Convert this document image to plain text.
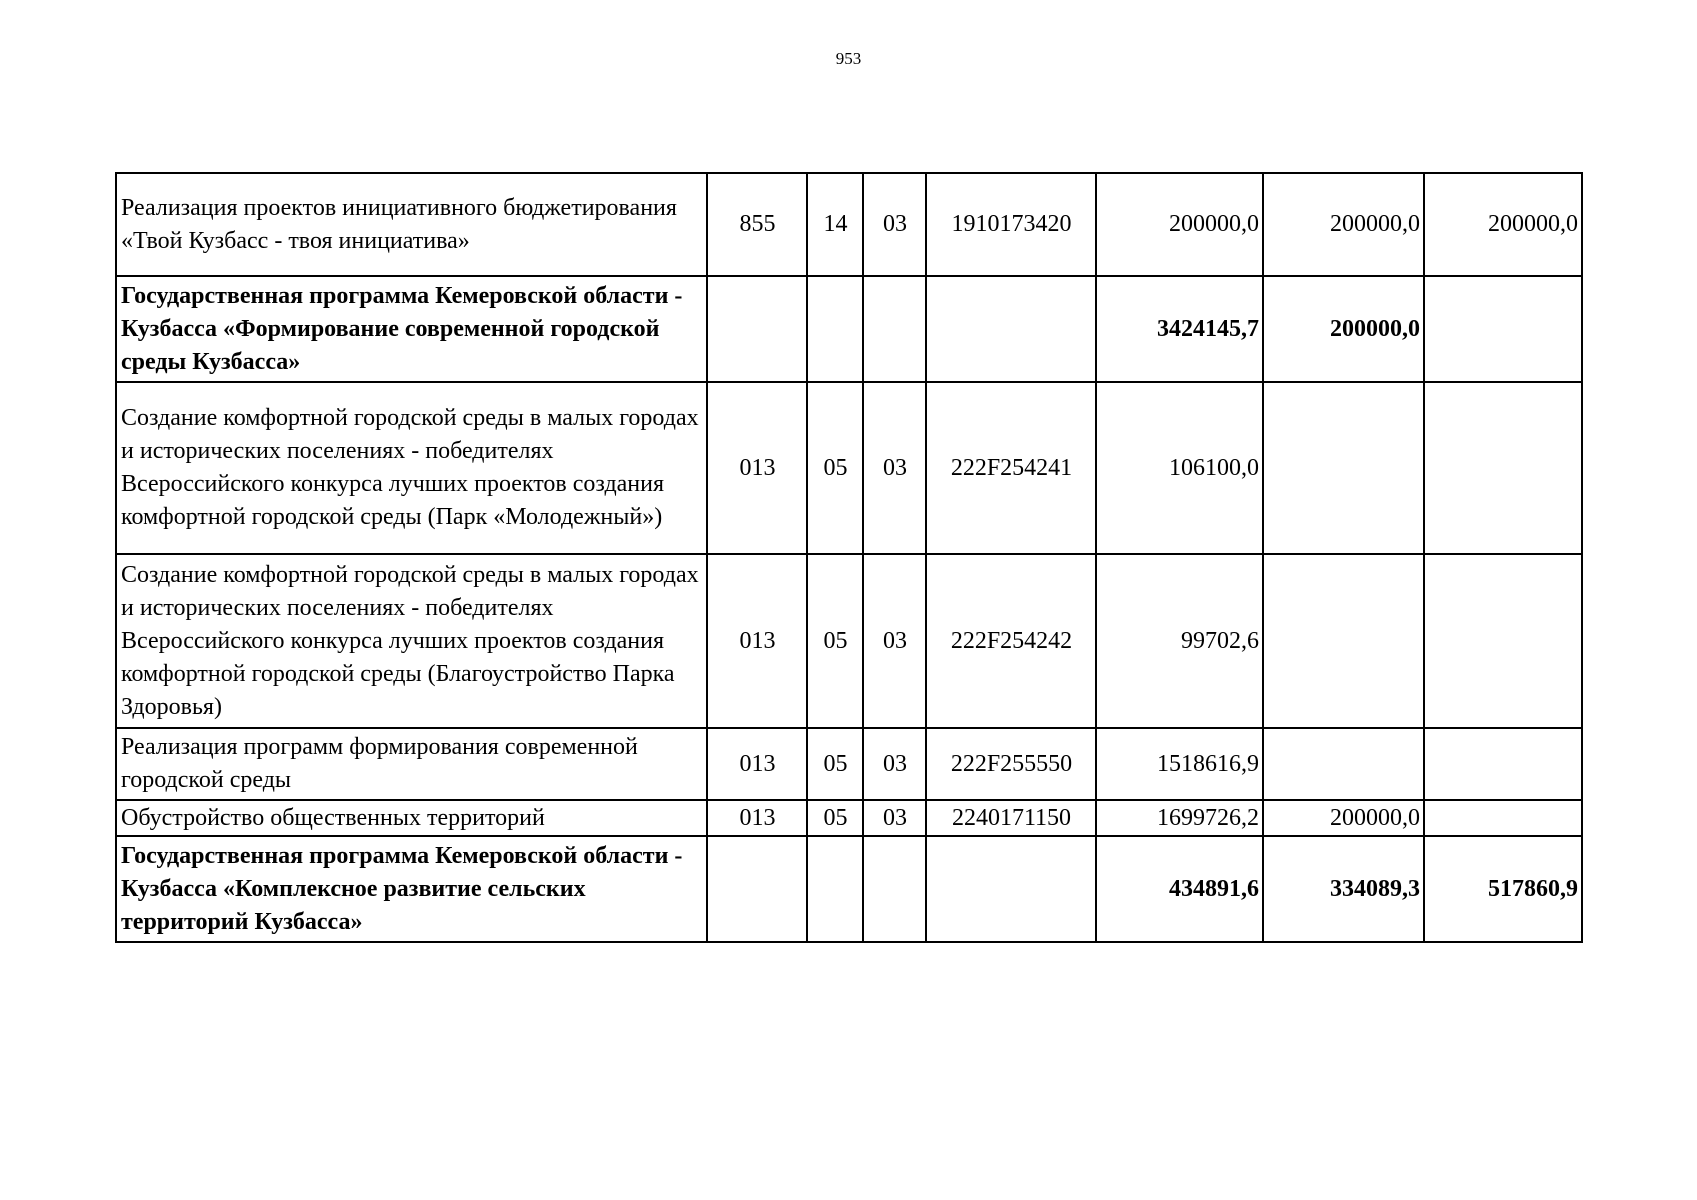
953
Реализация проектов инициативного бюджетирования «Твой Кузбасс - твоя инициатива»	855	14	03	1910173420	200000,0	200000,0	200000,0
Государственная программа Кемеровской области - Кузбасса «Формирование современной городской среды Кузбасса»					3424145,7	200000,0	
Создание комфортной городской среды в малых городах и исторических поселениях - победителях Всероссийского конкурса лучших проектов создания комфортной городской среды (Парк «Молодежный»)	013	05	03	222F254241	106100,0		
Создание комфортной городской среды в малых городах и исторических поселениях - победителях Всероссийского конкурса лучших проектов создания комфортной городской среды (Благоустройство Парка Здоровья)	013	05	03	222F254242	99702,6		
Реализация программ формирования современной городской среды	013	05	03	222F255550	1518616,9		
Обустройство общественных территорий	013	05	03	2240171150	1699726,2	200000,0	
Государственная программа Кемеровской области - Кузбасса «Комплексное развитие сельских территорий Кузбасса»					434891,6	334089,3	517860,9
